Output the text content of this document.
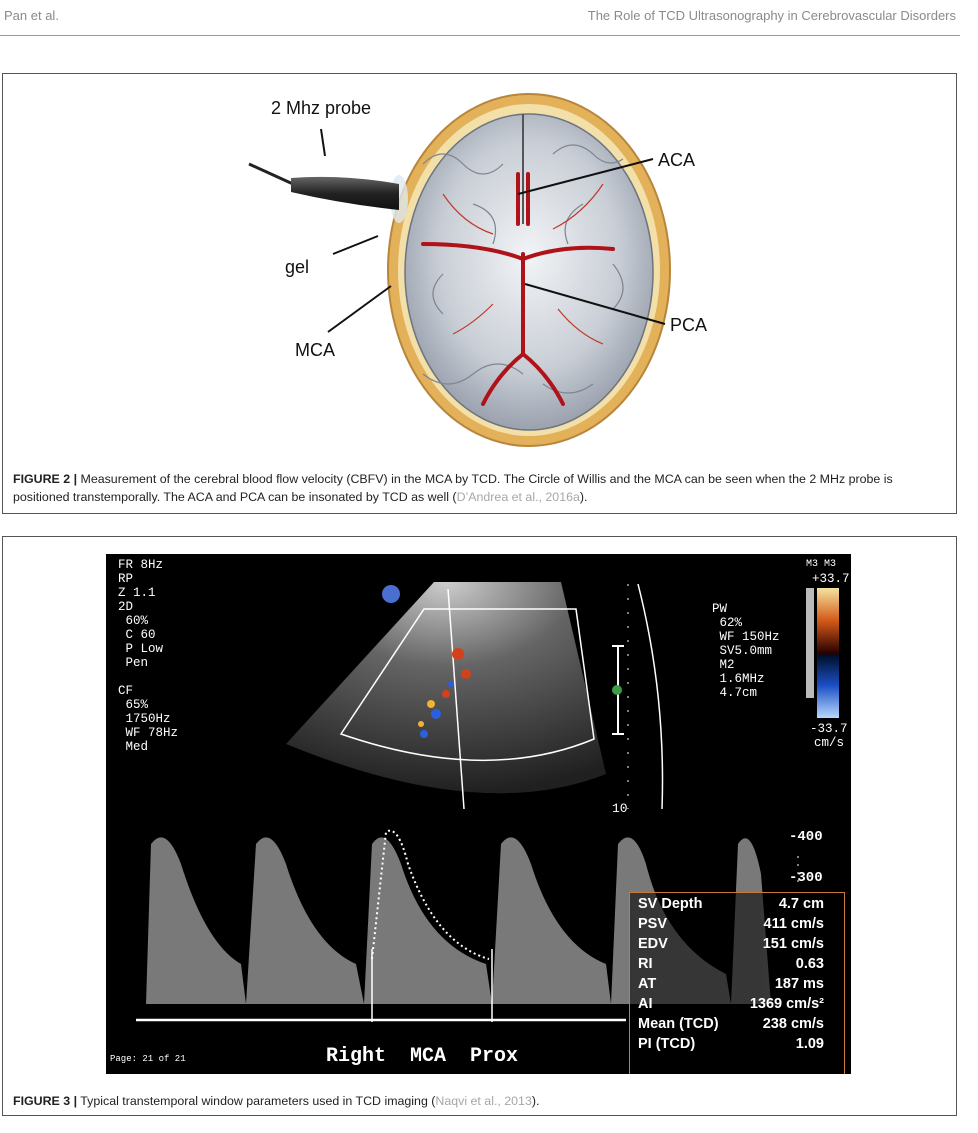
Pan et al.	The Role of TCD Ultrasonography in Cerebrovascular Disorders
2 Mhz probe
gel
MCA
ACA
PCA
FIGURE 2 | Measurement of the cerebral blood flow velocity (CBFV) in the MCA by TCD. The Circle of Willis and the MCA can be seen when the 2 MHz probe is positioned transtemporally. The ACA and PCA can be insonated by TCD as well (D’Andrea et al., 2016a).
FR 8Hz
RP
Z 1.1
2D
60%
C 60
P Low
Pen

CF
65%
1750Hz
WF 78Hz
Med
PW
62%
WF 150Hz
SV5.0mm
M2
1.6MHz
4.7cm
M3 M3
+33.7
-33.7
cm/s
10
-400
-300
Page: 21 of 21	Right  MCA  Prox
SV Depth	4.7 cm
PSV	411 cm/s
EDV	151 cm/s
RI	0.63
AT	187 ms
AI	1369 cm/s²
Mean (TCD)	238 cm/s
PI (TCD)	1.09
FIGURE 3 | Typical transtemporal window parameters used in TCD imaging (Naqvi et al., 2013).
